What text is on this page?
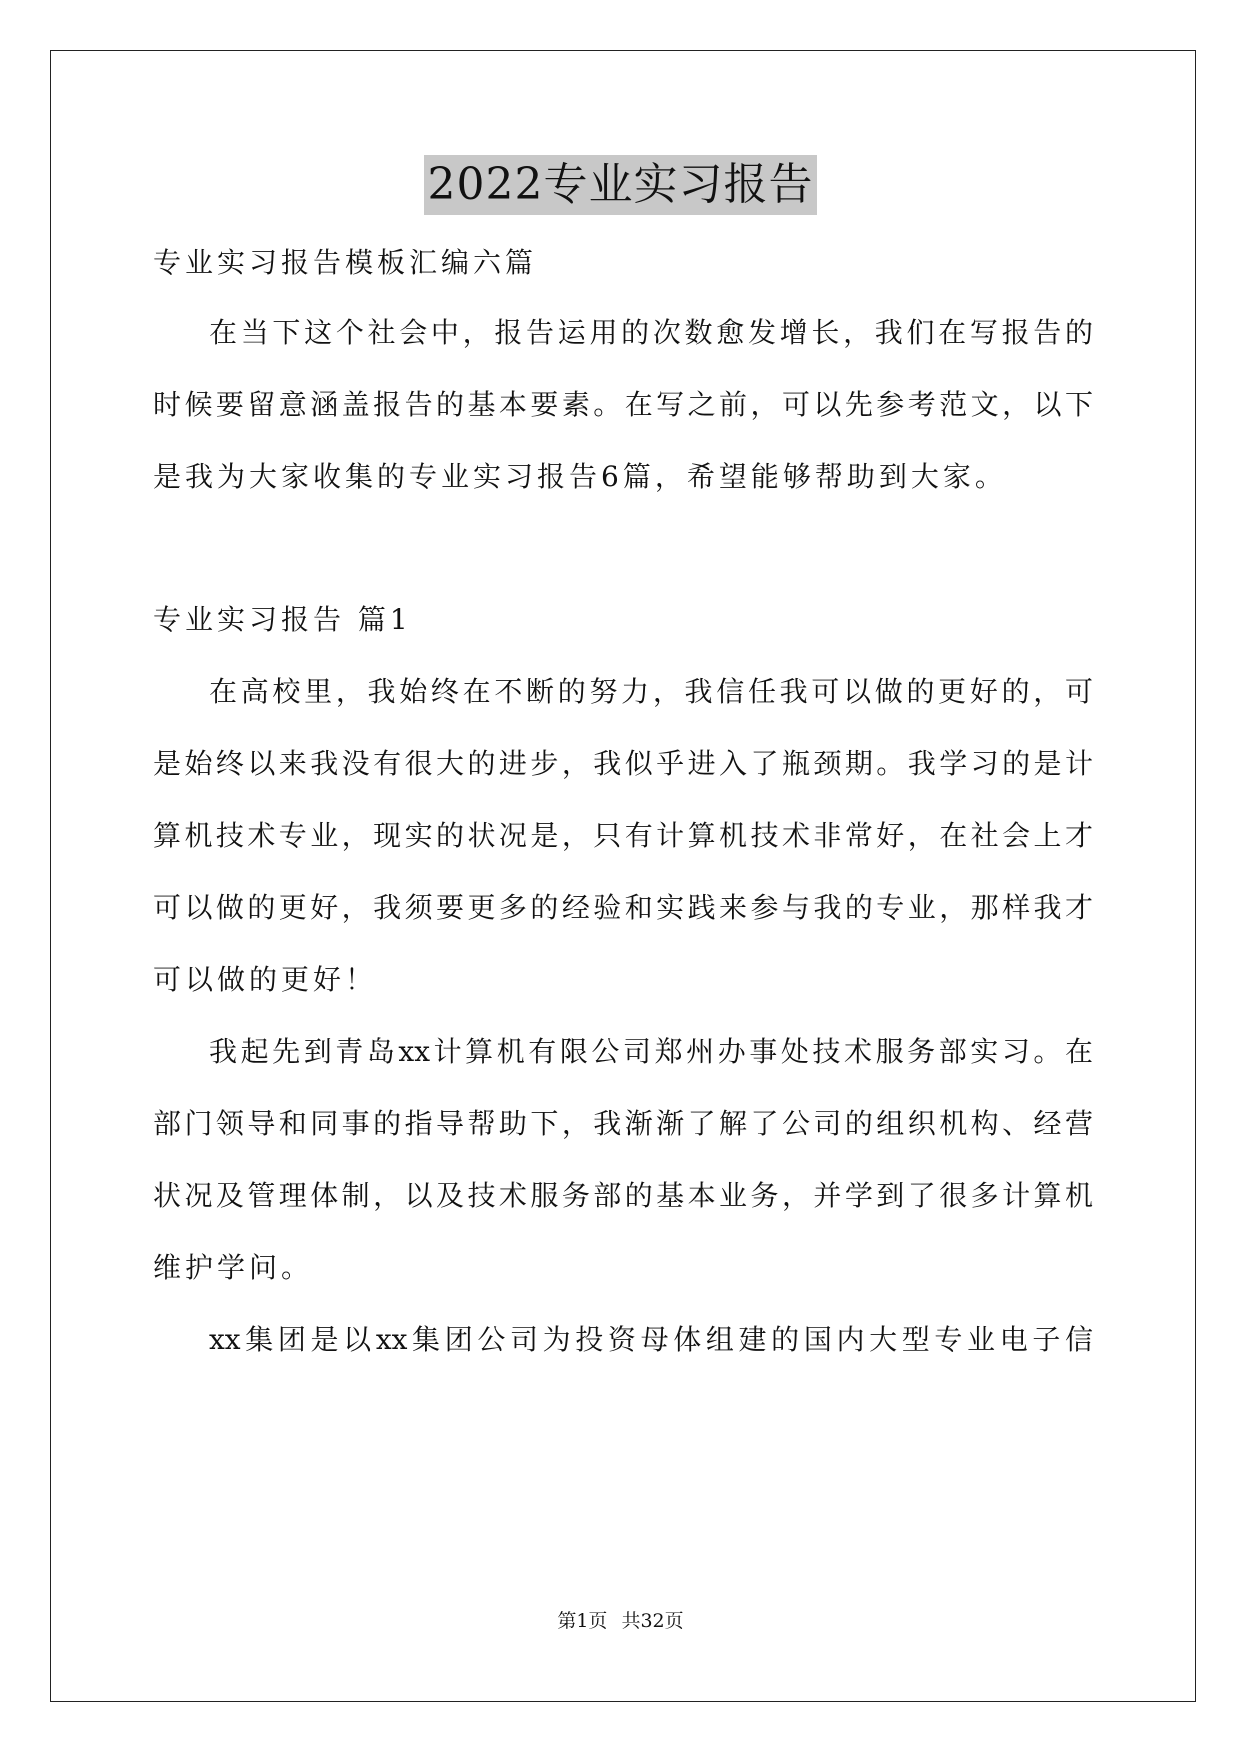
2022专业实习报告
专业实习报告模板汇编六篇
在当下这个社会中，报告运用的次数愈发增长，我们在写报告的
时候要留意涵盖报告的基本要素。在写之前，可以先参考范文，以下
是我为大家收集的专业实习报告6篇，希望能够帮助到大家。
专业实习报告 篇1
在高校里，我始终在不断的努力，我信任我可以做的更好的，可
是始终以来我没有很大的进步，我似乎进入了瓶颈期。我学习的是计
算机技术专业，现实的状况是，只有计算机技术非常好，在社会上才
可以做的更好，我须要更多的经验和实践来参与我的专业，那样我才
可以做的更好！
我起先到青岛xx计算机有限公司郑州办事处技术服务部实习。在
部门领导和同事的指导帮助下，我渐渐了解了公司的组织机构、经营
状况及管理体制，以及技术服务部的基本业务，并学到了很多计算机
维护学问。
xx集团是以xx集团公司为投资母体组建的国内大型专业电子信
第1页 共32页
